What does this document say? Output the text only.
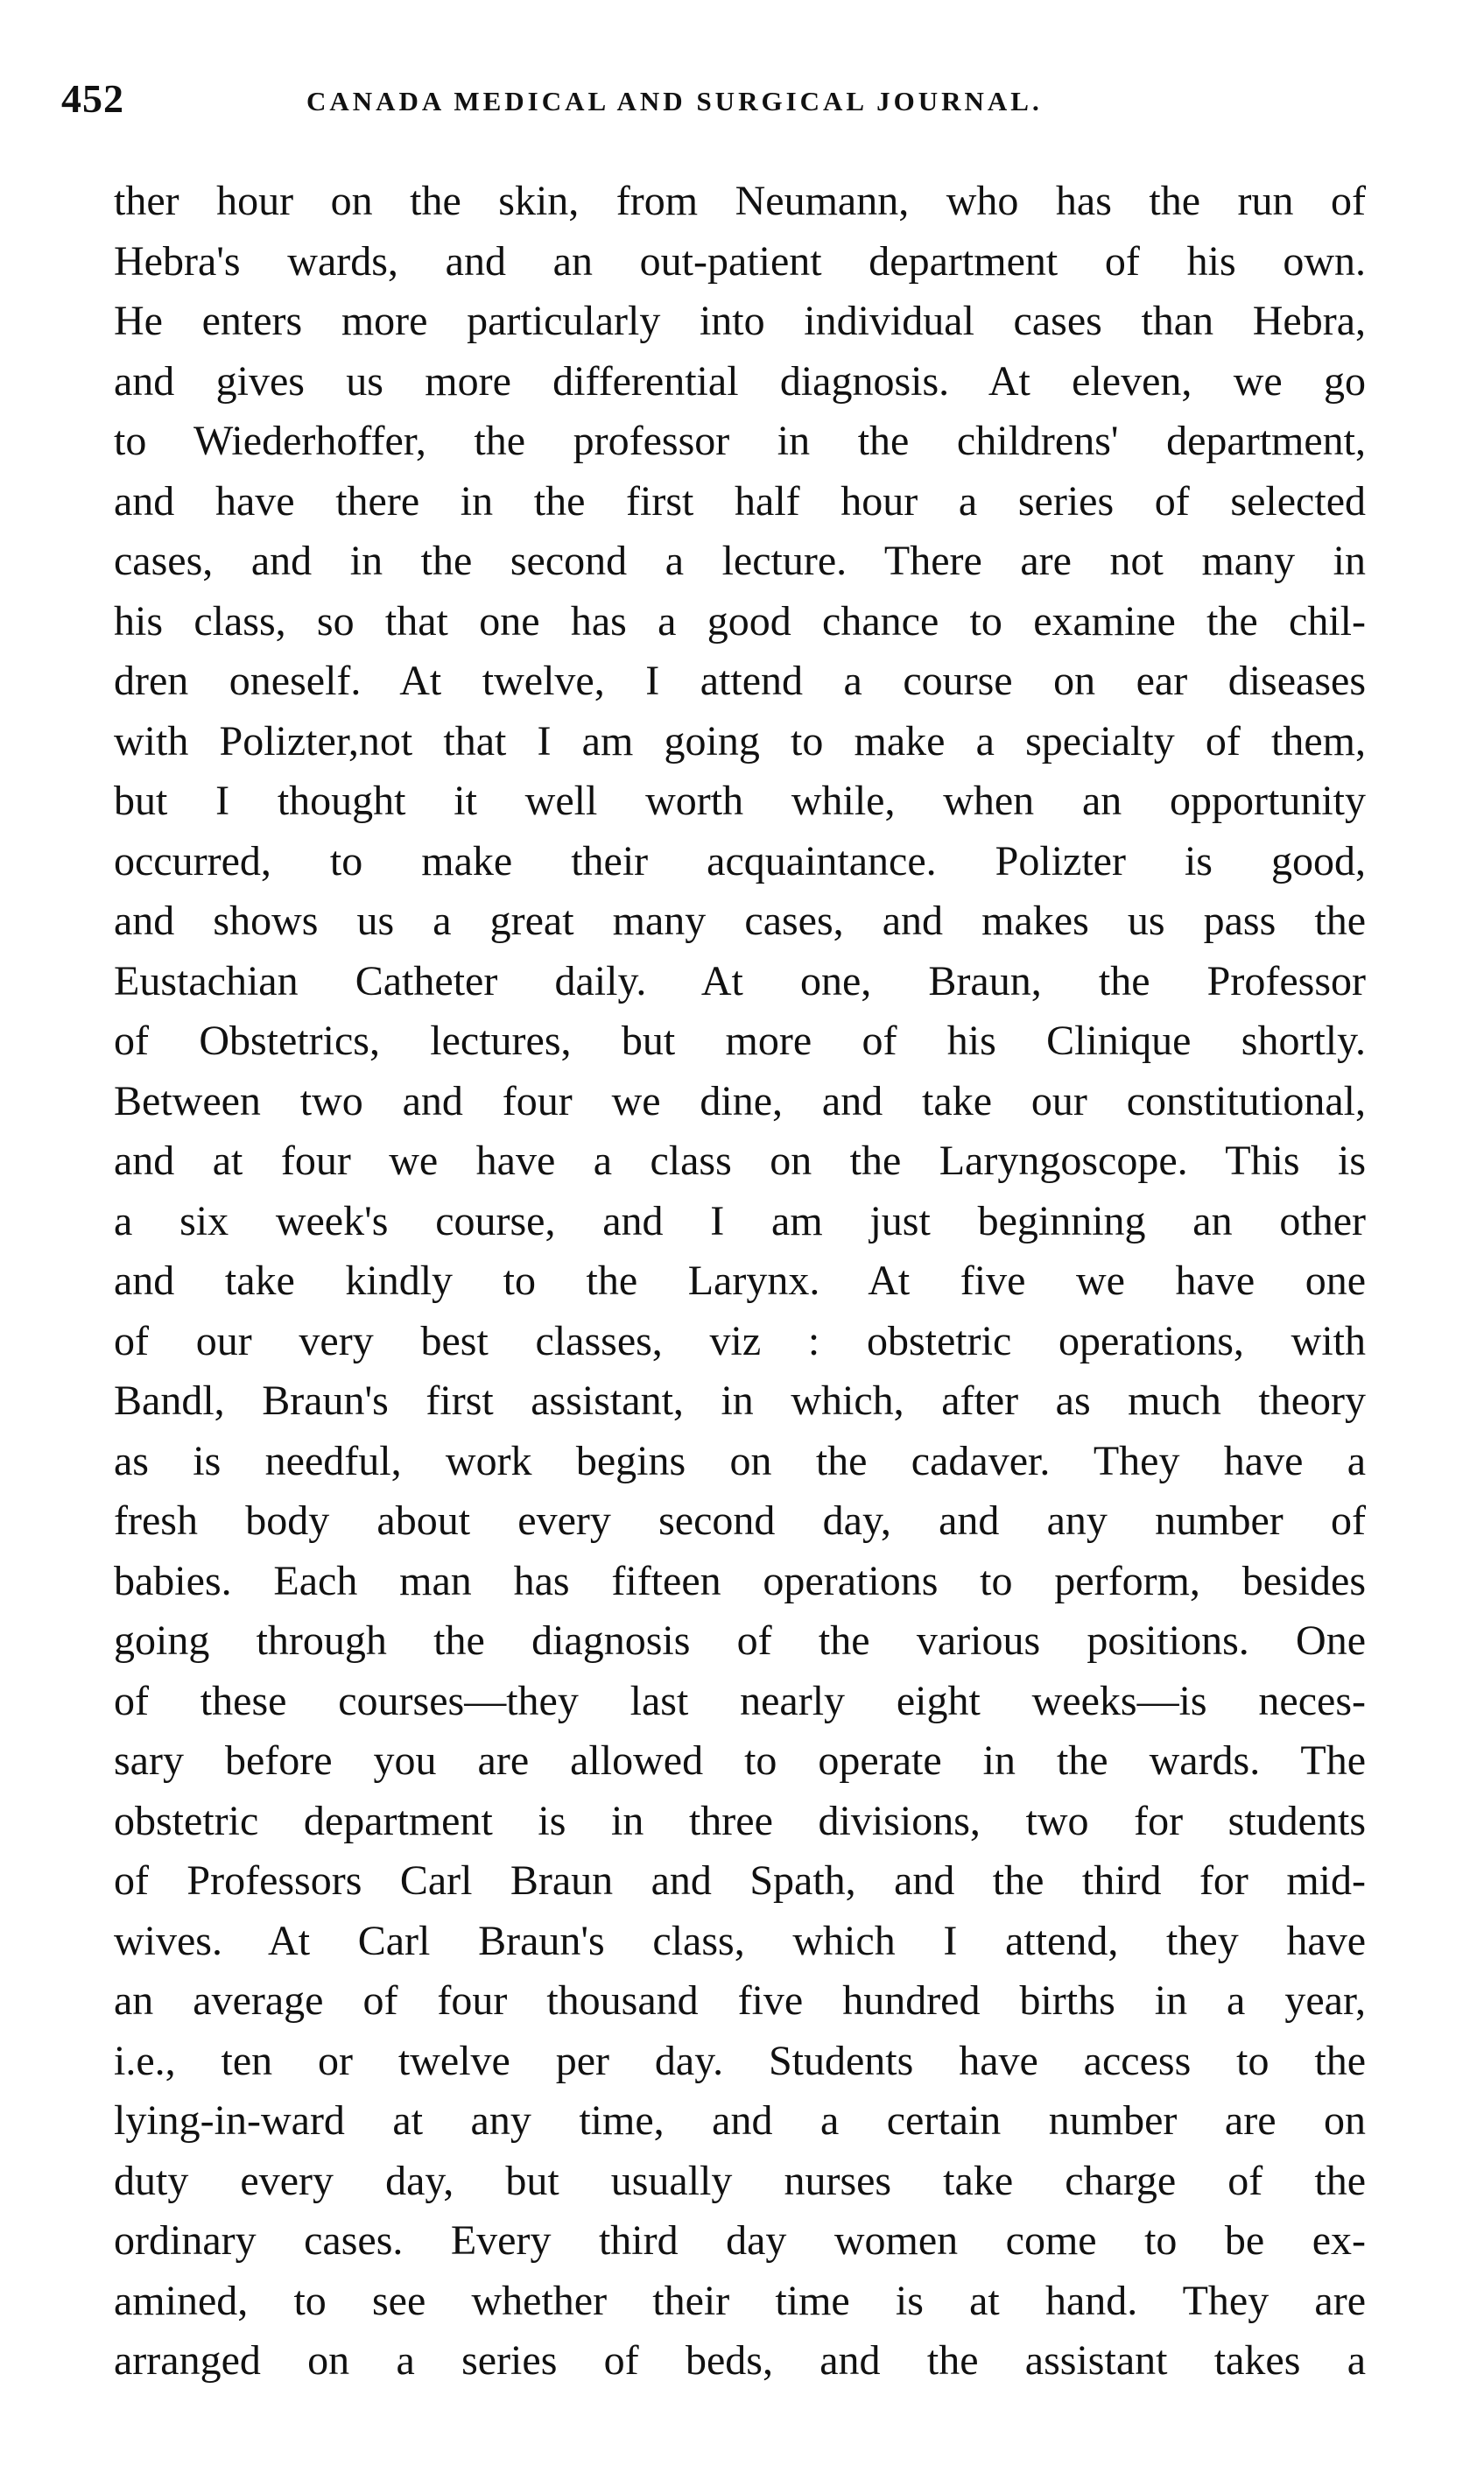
452	CANADA MEDICAL AND SURGICAL JOURNAL.
ther hour on the skin, from Neumann, who has the run of
Hebra's wards, and an out-patient department of his own.
He enters more particularly into individual cases than Hebra,
and gives us more differential diagnosis. At eleven, we go
to Wiederhoffer, the professor in the childrens' department,
and have there in the first half hour a series of selected
cases, and in the second a lecture. There are not many in
his class, so that one has a good chance to examine the chil-
dren oneself. At twelve, I attend a course on ear diseases
with Polizter,not that I am going to make a specialty of them,
but I thought it well worth while, when an opportunity
occurred, to make their acquaintance. Polizter is good,
and shows us a great many cases, and makes us pass the
Eustachian Catheter daily. At one, Braun, the Professor
of Obstetrics, lectures, but more of his Clinique shortly.
Between two and four we dine, and take our constitutional,
and at four we have a class on the Laryngoscope. This is
a six week's course, and I am just beginning an other
and take kindly to the Larynx. At five we have one
of our very best classes, viz : obstetric operations, with
Bandl, Braun's first assistant, in which, after as much theory
as is needful, work begins on the cadaver. They have a
fresh body about every second day, and any number of
babies. Each man has fifteen operations to perform, besides
going through the diagnosis of the various positions. One
of these courses—they last nearly eight weeks—is neces-
sary before you are allowed to operate in the wards. The
obstetric department is in three divisions, two for students
of Professors Carl Braun and Spath, and the third for mid-
wives. At Carl Braun's class, which I attend, they have
an average of four thousand five hundred births in a year,
i.e., ten or twelve per day. Students have access to the
lying-in-ward at any time, and a certain number are on
duty every day, but usually nurses take charge of the
ordinary cases. Every third day women come to be ex-
amined, to see whether their time is at hand. They are
arranged on a series of beds, and the assistant takes a
